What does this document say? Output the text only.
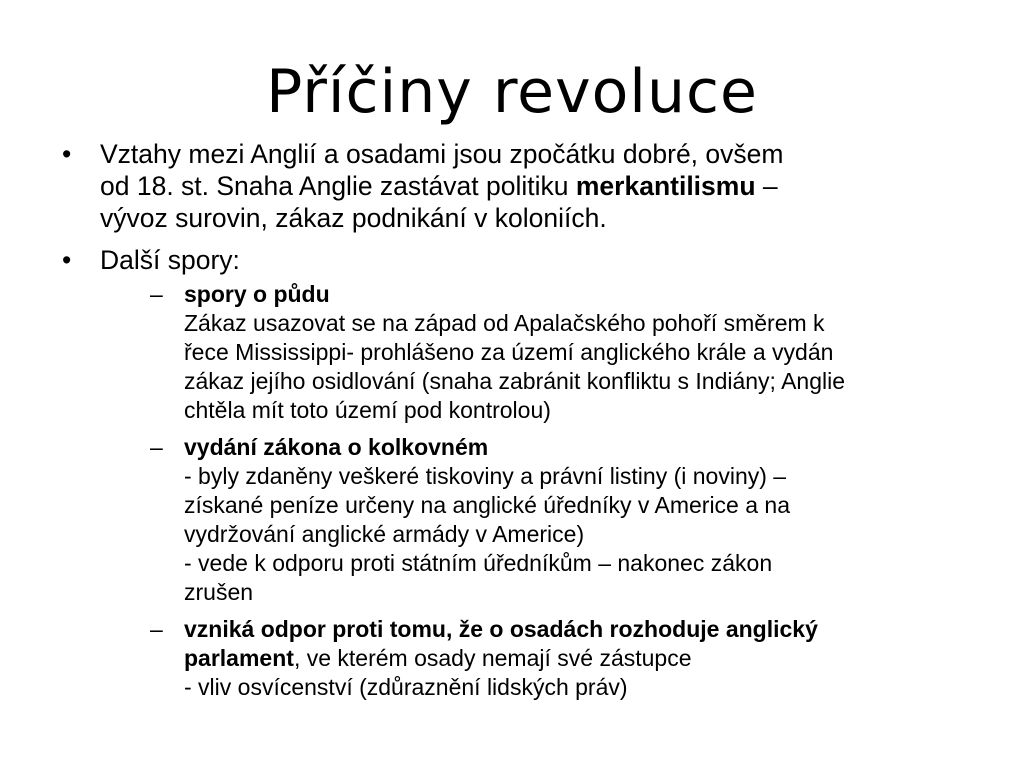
Příčiny revoluce
•	Vztahy mezi Anglií a osadami jsou zpočátku dobré, ovšem
od 18. st. Snaha Anglie zastávat politiku merkantilismu –
vývoz surovin, zákaz podnikání v koloniích.
•	Další spory:
– spory o půdu
Zákaz usazovat se na západ od Apalačského pohoří směrem k
řece Mississippi- prohlášeno za území anglického krále a vydán
zákaz jejího osidlování (snaha zabránit konfliktu s Indiány; Anglie
chtěla mít toto území pod kontrolou)
– vydání zákona o kolkovném
- byly zdaněny veškeré tiskoviny a právní listiny (i noviny) –
získané peníze určeny na anglické úředníky v Americe a na
vydržování anglické armády v Americe)
- vede k odporu proti státním úředníkům – nakonec zákon
zrušen
– vzniká odpor proti tomu, že o osadách rozhoduje anglický
parlament, ve kterém osady nemají své zástupce
- vliv osvícenství (zdůraznění lidských práv)
